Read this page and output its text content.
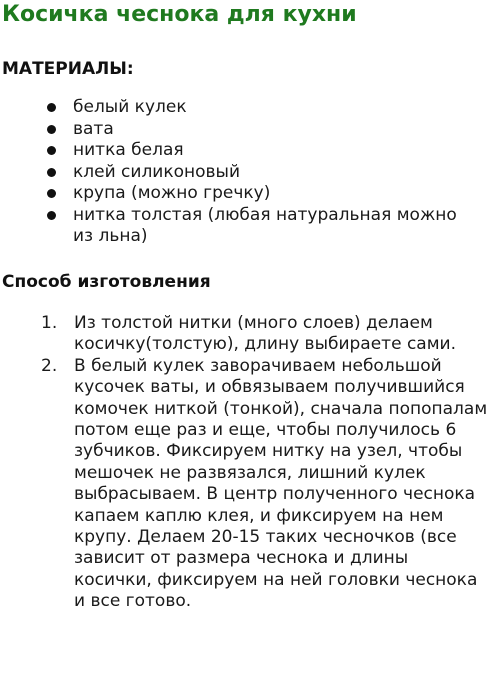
Косичка чеснока для кухни
МАТЕРИАЛЫ:
белый кулек
вата
нитка белая
клей силиконовый
крупа (можно гречку)
нитка толстая (любая натуральная можно из льна)
Способ изготовления
1. Из толстой нитки (много слоев) делаем косичку(толстую), длину выбираете сами.
2. В белый кулек заворачиваем небольшой кусочек ваты, и обвязываем получившийся комочек ниткой (тонкой), сначала попопалам потом еще раз и еще, чтобы получилось 6 зубчиков. Фиксируем нитку на узел, чтобы мешочек не развязался, лишний кулек выбрасываем. В центр полученного чеснока капаем каплю клея, и фиксируем на нем крупу. Делаем 20-15 таких чесночков (все зависит от размера чеснока и длины косички, фиксируем на ней головки чеснока и все готово.
